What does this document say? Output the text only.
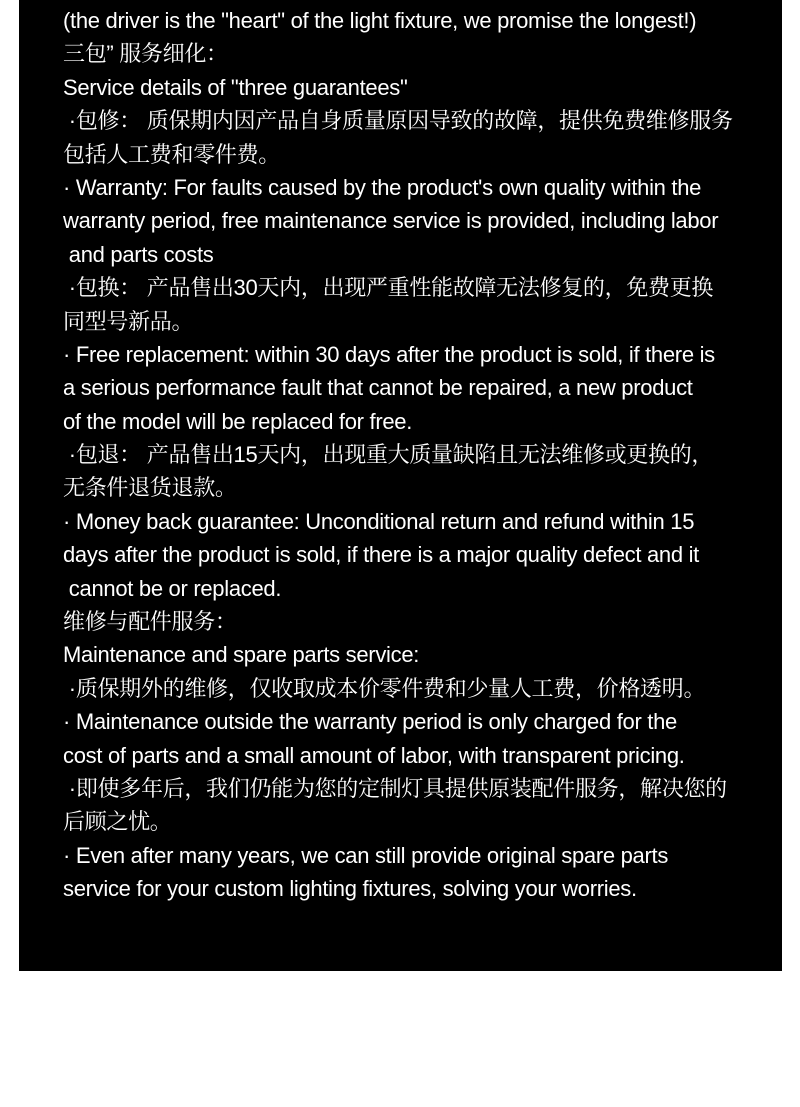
(the driver is the "heart" of the light fixture, we promise the longest!)
三包” 服务细化：
Service details of "three guarantees"
·包修： 质保期内因产品自身质量原因导致的故障，提供免费维修服务
包括人工费和零件费。
· Warranty: For faults caused by the product's own quality within the
warranty period, free maintenance service is provided, including labor
and parts costs
·包换： 产品售出30天内，出现严重性能故障无法修复的，免费更换
同型号新品。
· Free replacement: within 30 days after the product is sold, if there is
a serious performance fault that cannot be repaired, a new product
of the model will be replaced for free.
·包退： 产品售出15天内，出现重大质量缺陷且无法维修或更换的，
无条件退货退款。
· Money back guarantee: Unconditional return and refund within 15
days after the product is sold, if there is a major quality defect and it
cannot be or replaced.
维修与配件服务：
Maintenance and spare parts service:
·质保期外的维修，仅收取成本价零件费和少量人工费，价格透明。
· Maintenance outside the warranty period is only charged for the
cost of parts and a small amount of labor, with transparent pricing.
·即使多年后，我们仍能为您的定制灯具提供原装配件服务，解决您的
后顾之忧。
· Even after many years, we can still provide original spare parts
service for your custom lighting fixtures, solving your worries.
